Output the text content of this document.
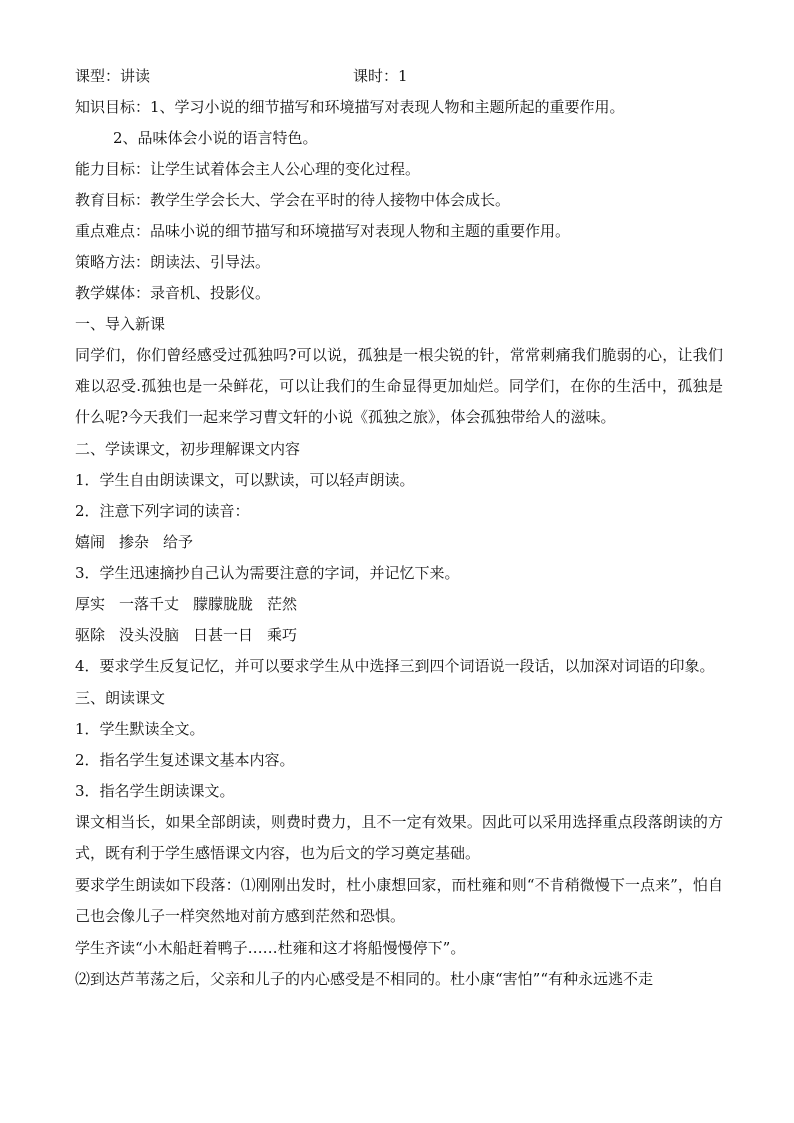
课型：讲读	课时：1
知识目标：1、学习小说的细节描写和环境描写对表现人物和主题所起的重要作用。
2、品味体会小说的语言特色。
能力目标：让学生试着体会主人公心理的变化过程。
教育目标：教学生学会长大、学会在平时的待人接物中体会成长。
重点难点：品味小说的细节描写和环境描写对表现人物和主题的重要作用。
策略方法：朗读法、引导法。
教学媒体：录音机、投影仪。
一、导入新课
同学们，你们曾经感受过孤独吗?可以说，孤独是一根尖锐的针，常常刺痛我们脆弱的心，让我们难以忍受.孤独也是一朵鲜花，可以让我们的生命显得更加灿烂。同学们，在你的生活中，孤独是什么呢?今天我们一起来学习曹文轩的小说《孤独之旅》，体会孤独带给人的滋味。
二、学读课文，初步理解课文内容
1．学生自由朗读课文，可以默读，可以轻声朗读。
2．注意下列字词的读音：
嬉闹 掺杂 给予
3．学生迅速摘抄自己认为需要注意的字词，并记忆下来。
厚实 一落千丈 朦朦胧胧 茫然
驱除 没头没脑 日甚一日 乘巧
4．要求学生反复记忆，并可以要求学生从中选择三到四个词语说一段话，以加深对词语的印象。
三、朗读课文
1．学生默读全文。
2．指名学生复述课文基本内容。
3．指名学生朗读课文。
课文相当长，如果全部朗读，则费时费力，且不一定有效果。因此可以采用选择重点段落朗读的方式，既有利于学生感悟课文内容，也为后文的学习奠定基础。
要求学生朗读如下段落：⑴刚刚出发时，杜小康想回家，而杜雍和则“不肯稍微慢下一点来”，怕自己也会像儿子一样突然地对前方感到茫然和恐惧。
学生齐读“小木船赶着鸭子……杜雍和这才将船慢慢停下”。
⑵到达芦苇荡之后，父亲和儿子的内心感受是不相同的。杜小康“害怕”“有种永远逃不走
